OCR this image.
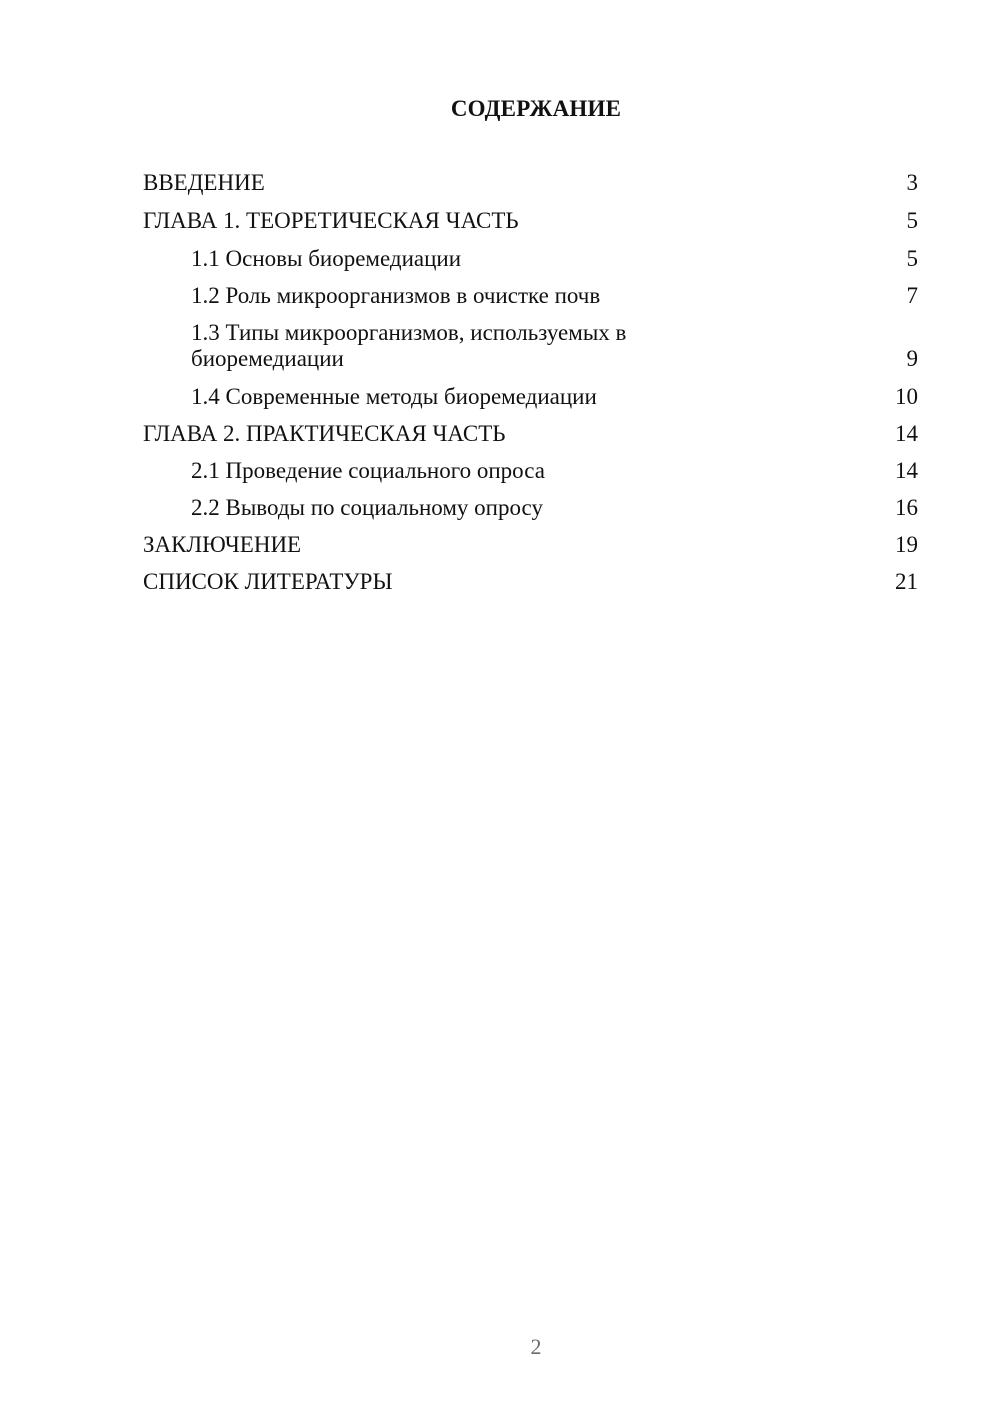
СОДЕРЖАНИЕ
ВВЕДЕНИЕ	3
ГЛАВА 1. ТЕОРЕТИЧЕСКАЯ ЧАСТЬ	5
1.1 Основы биоремедиации	5
1.2 Роль микроорганизмов в очистке почв	7
1.3 Типы микроорганизмов, используемых в
биоремедиации	9
1.4 Современные методы биоремедиации	10
ГЛАВА 2. ПРАКТИЧЕСКАЯ ЧАСТЬ	14
2.1 Проведение социального опроса	14
2.2 Выводы по социальному опросу	16
ЗАКЛЮЧЕНИЕ	19
СПИСОК ЛИТЕРАТУРЫ	21
2
